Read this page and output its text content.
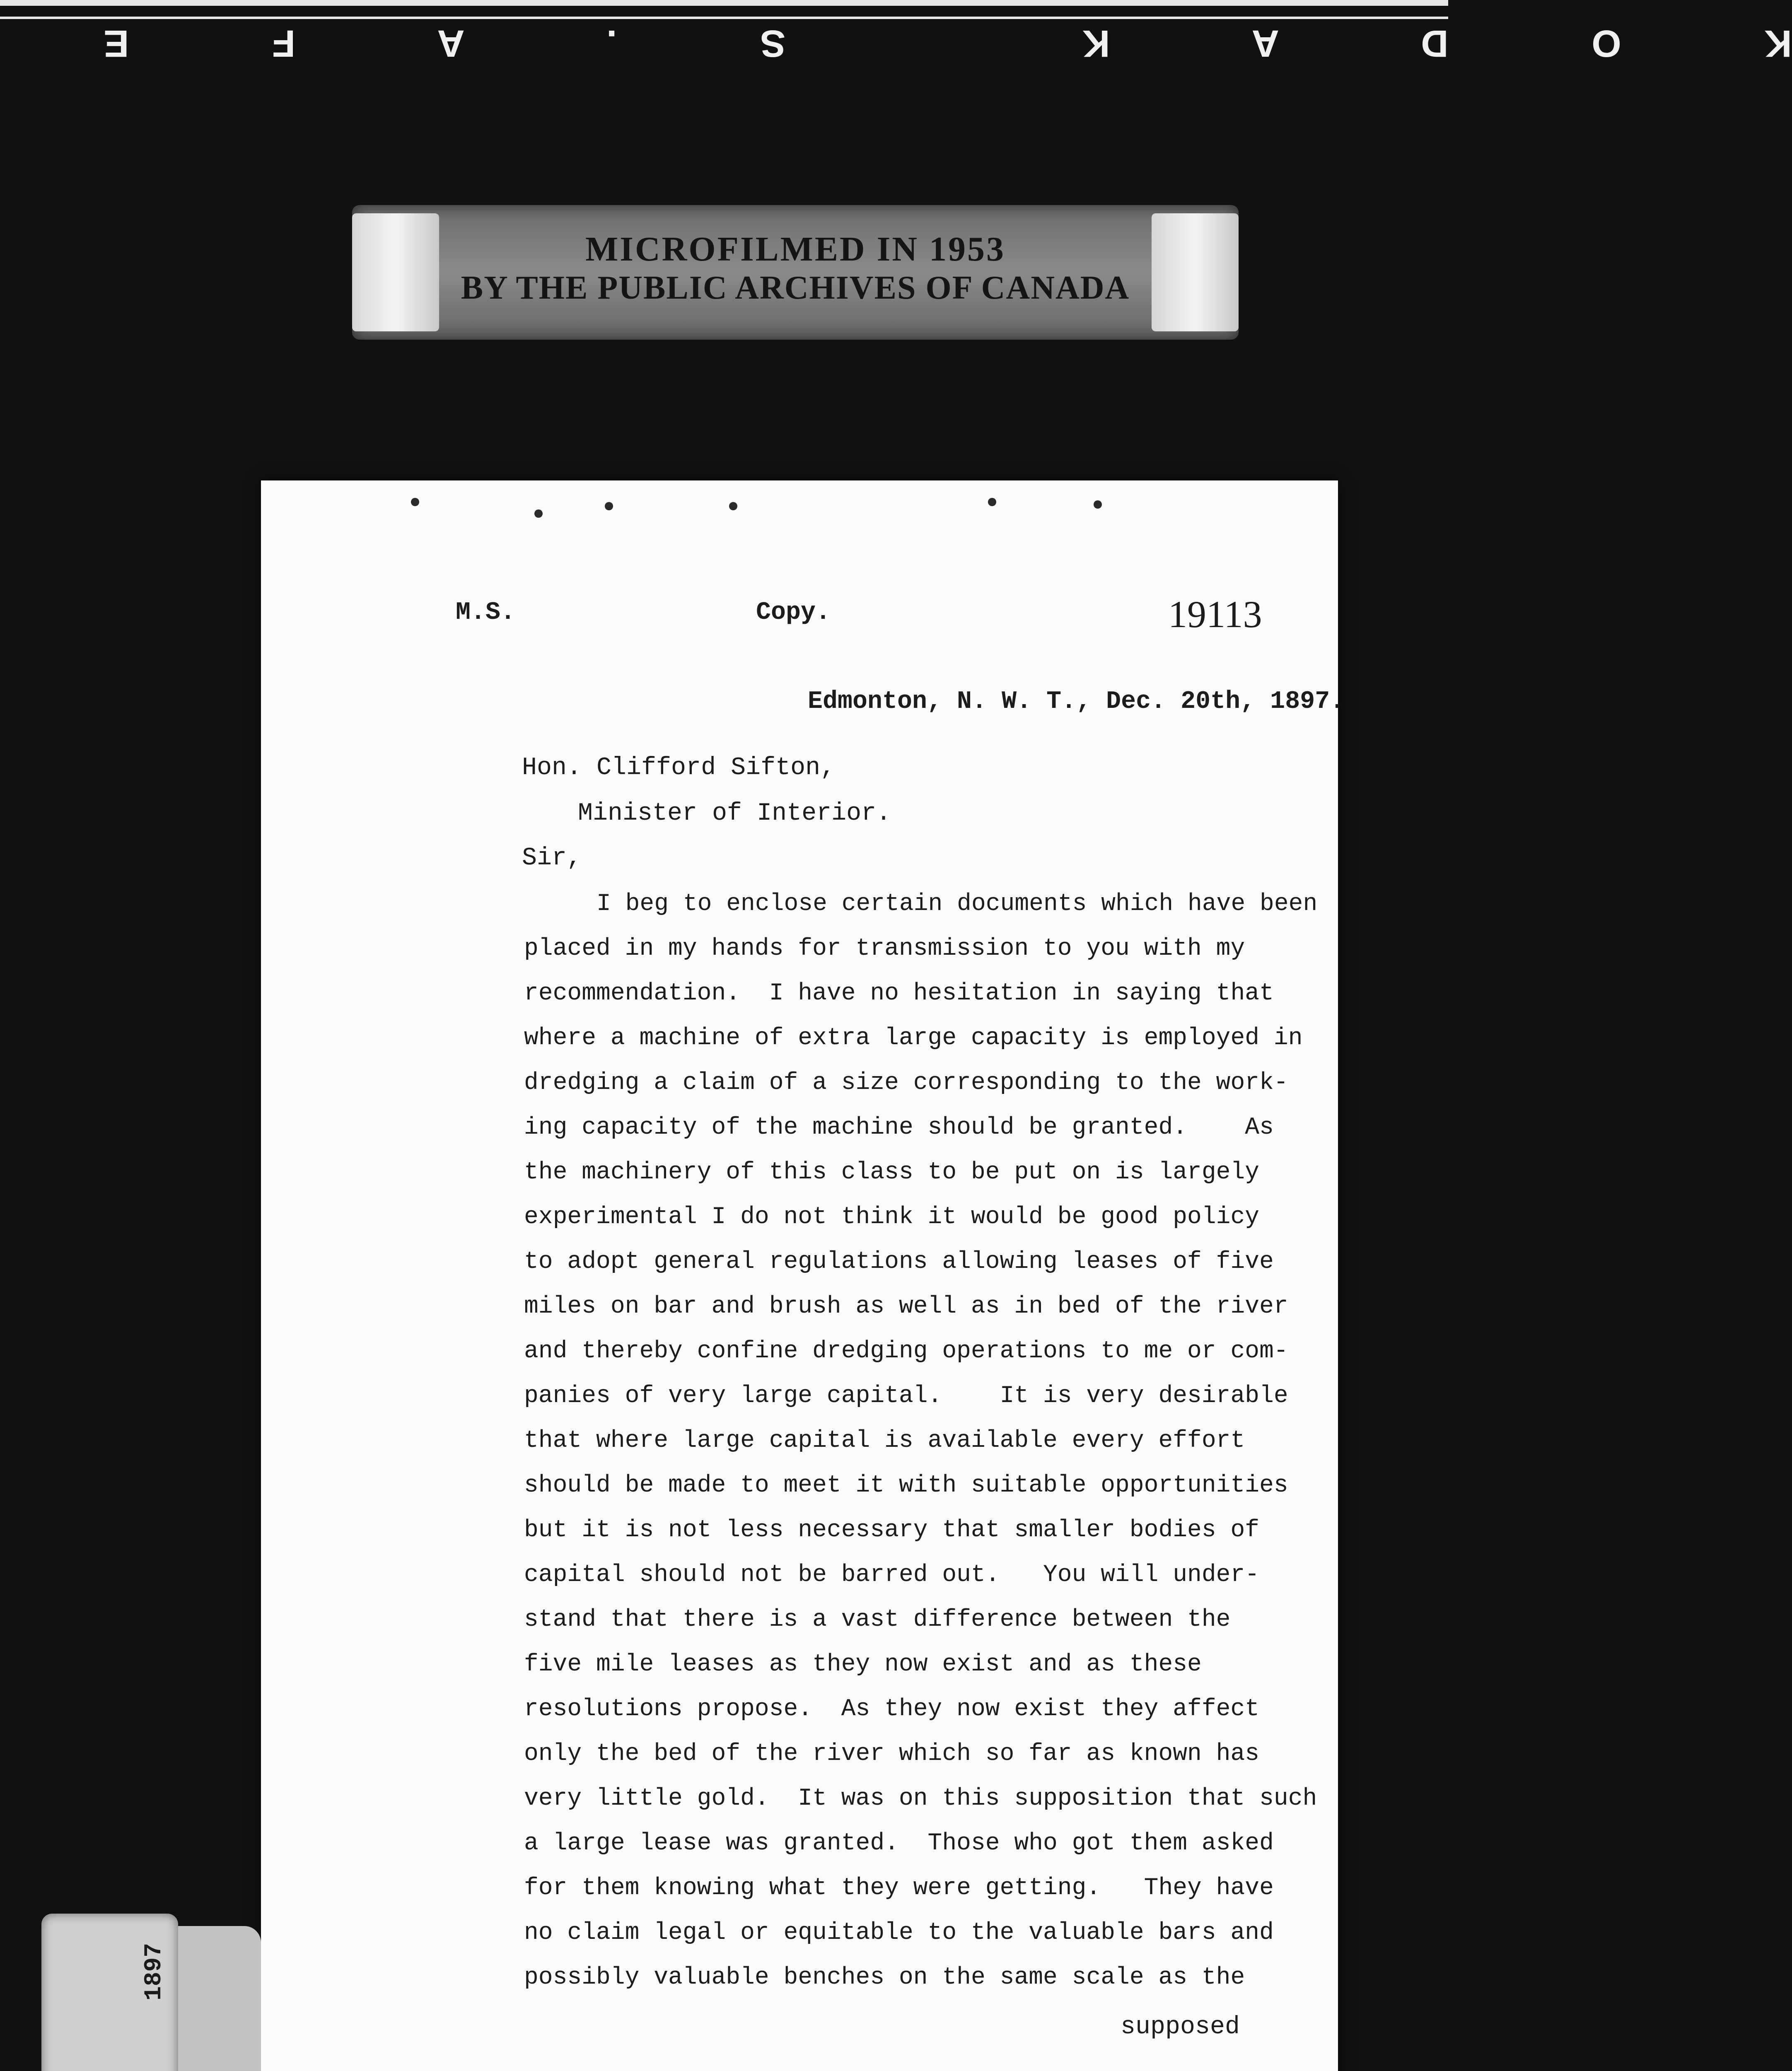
K O D A K   S . A F E
MICROFILMED IN 1953
BY THE PUBLIC ARCHIVES OF CANADA
M.S.	Copy.	19113
Edmonton, N. W. T., Dec. 20th, 1897.
Hon. Clifford Sifton,
Minister of Interior.
Sir,
I beg to enclose certain documents which have been
placed in my hands for transmission to you with my
recommendation.  I have no hesitation in saying that
where a machine of extra large capacity is employed in
dredging a claim of a size corresponding to the work-
ing capacity of the machine should be granted.    As
the machinery of this class to be put on is largely
experimental I do not think it would be good policy
to adopt general regulations allowing leases of five
miles on bar and brush as well as in bed of the river
and thereby confine dredging operations to me or com-
panies of very large capital.    It is very desirable
that where large capital is available every effort
should be made to meet it with suitable opportunities
but it is not less necessary that smaller bodies of
capital should not be barred out.   You will under-
stand that there is a vast difference between the
five mile leases as they now exist and as these
resolutions propose.  As they now exist they affect
only the bed of the river which so far as known has
very little gold.  It was on this supposition that such
a large lease was granted.  Those who got them asked
for them knowing what they were getting.   They have
no claim legal or equitable to the valuable bars and
possibly valuable benches on the same scale as the
supposed
1897
